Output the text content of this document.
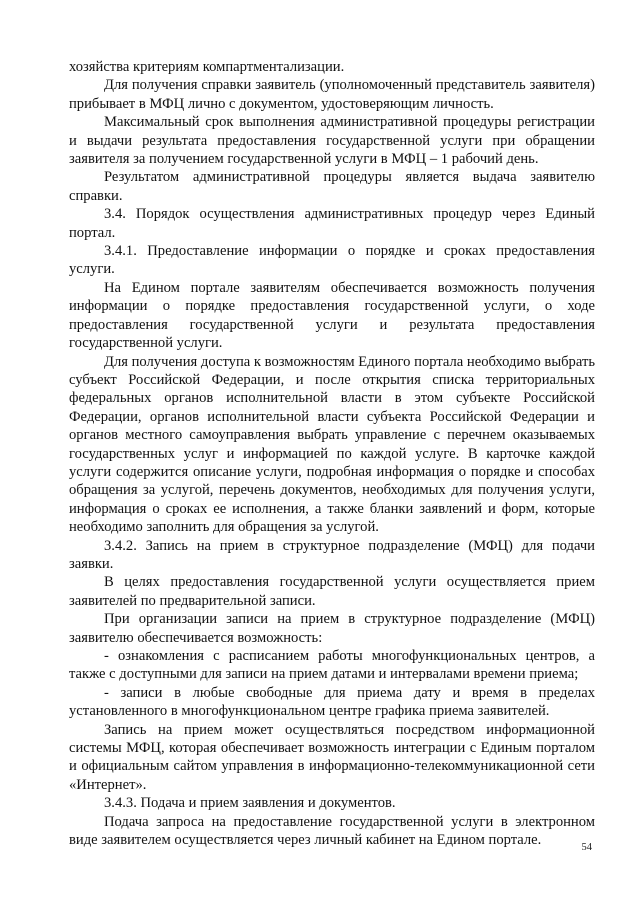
хозяйства критериям компартментализации.

Для получения справки заявитель (уполномоченный представитель заявителя) прибывает в МФЦ лично с документом, удостоверяющим личность.

Максимальный срок выполнения административной процедуры регистрации и выдачи результата предоставления государственной услуги при обращении заявителя за получением государственной услуги в МФЦ – 1 рабочий день.

Результатом административной процедуры является выдача заявителю справки.

3.4. Порядок осуществления административных процедур через Единый портал.

3.4.1. Предоставление информации о порядке и сроках предоставления услуги.

На Едином портале заявителям обеспечивается возможность получения информации о порядке предоставления государственной услуги, о ходе предоставления государственной услуги и результата предоставления государственной услуги.

Для получения доступа к возможностям Единого портала необходимо выбрать субъект Российской Федерации, и после открытия списка территориальных федеральных органов исполнительной власти в этом субъекте Российской Федерации, органов исполнительной власти субъекта Российской Федерации и органов местного самоуправления выбрать управление с перечнем оказываемых государственных услуг и информацией по каждой услуге. В карточке каждой услуги содержится описание услуги, подробная информация о порядке и способах обращения за услугой, перечень документов, необходимых для получения услуги, информация о сроках ее исполнения, а также бланки заявлений и форм, которые необходимо заполнить для обращения за услугой.

3.4.2. Запись на прием в структурное подразделение (МФЦ) для подачи заявки.

В целях предоставления государственной услуги осуществляется прием заявителей по предварительной записи.

При организации записи на прием в структурное подразделение (МФЦ) заявителю обеспечивается возможность:

- ознакомления с расписанием работы многофункциональных центров, а также с доступными для записи на прием датами и интервалами времени приема;

- записи в любые свободные для приема дату и время в пределах установленного в многофункциональном центре графика приема заявителей.

Запись на прием может осуществляться посредством информационной системы МФЦ, которая обеспечивает возможность интеграции с Единым порталом и официальным сайтом управления в информационно-телекоммуникационной сети «Интернет».

3.4.3. Подача и прием заявления и документов.

Подача запроса на предоставление государственной услуги в электронном виде заявителем осуществляется через личный кабинет на Едином портале.	54
